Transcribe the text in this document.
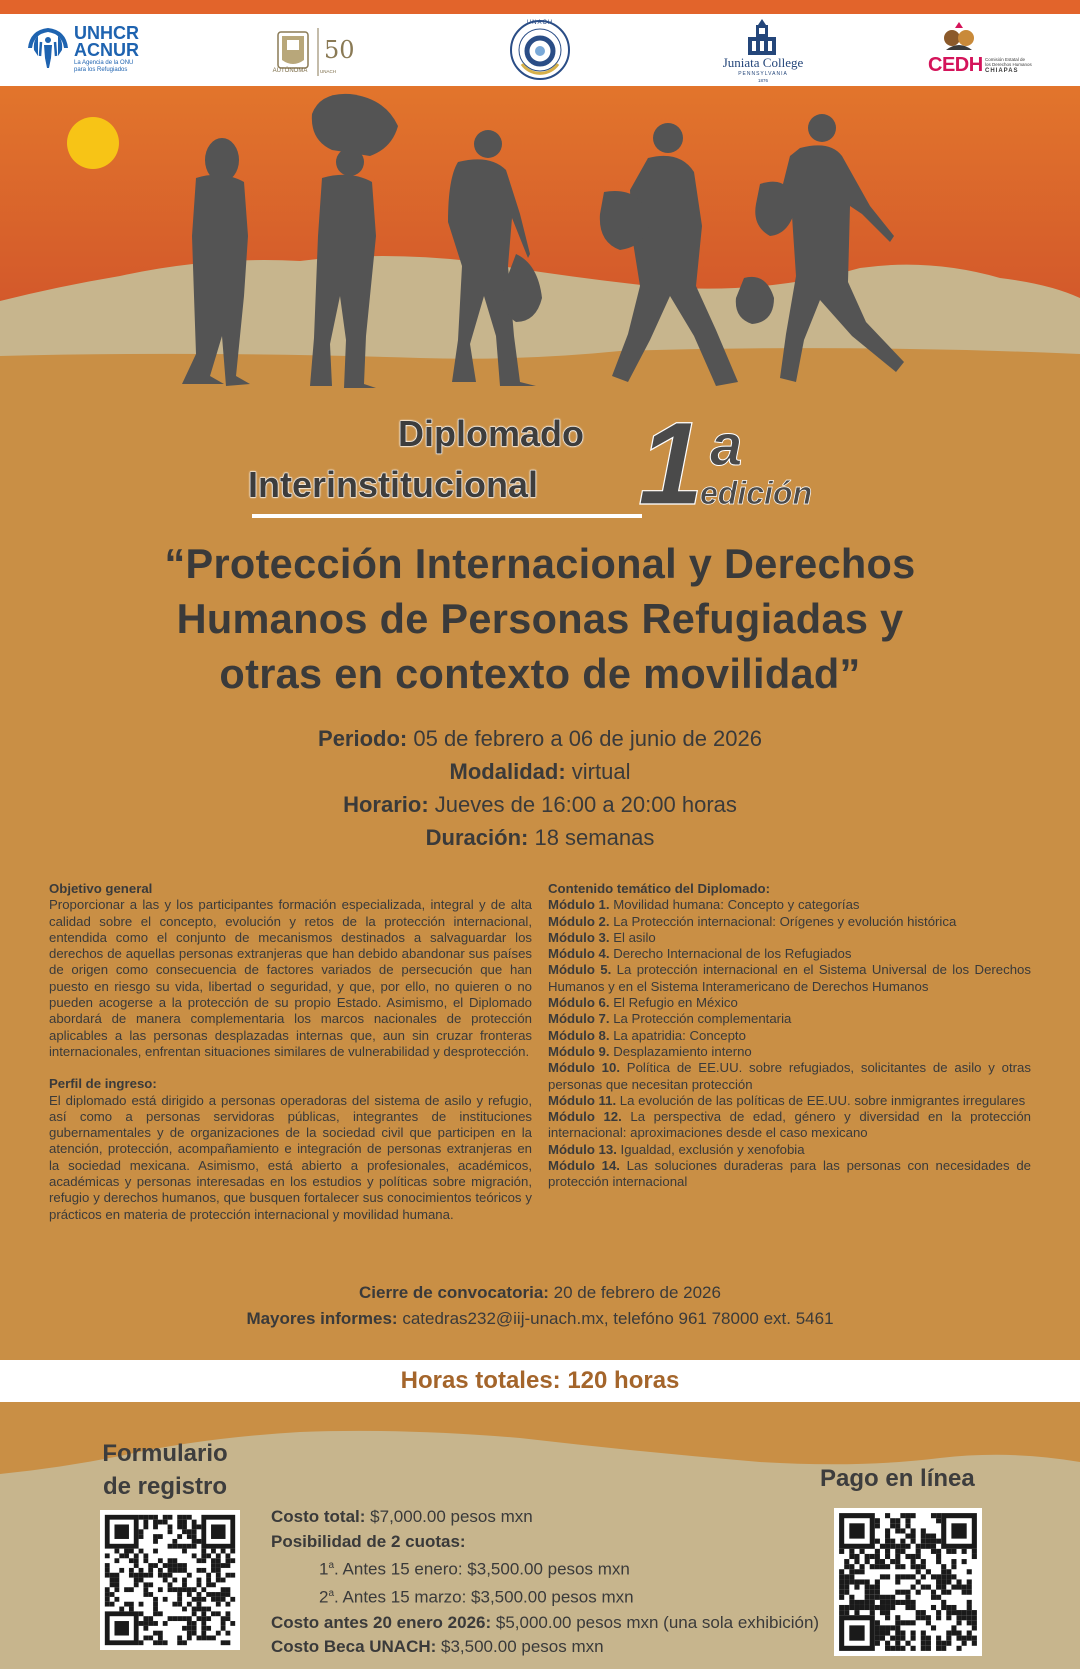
UNHCR
ACNUR
La Agencia de la ONU
para los Refugiados
50
AUTÓNOMA	UNACH
UNACH
Juniata College
PENNSYLVANIA
1876
CEDH Comisión Estatal de
los Derechos Humanos
CHIAPAS
Diplomado
Interinstitucional 1 a
edición
“Protección Internacional y Derechos
Humanos de Personas Refugiadas y
otras en contexto de movilidad”
Periodo: 05 de febrero a 06 de junio de 2026
Modalidad: virtual
Horario: Jueves de 16:00 a 20:00 horas
Duración: 18 semanas

Objetivo general

Proporcionar a las y los participantes formación especializada, integral y de alta calidad sobre el concepto, evolución y retos de la protección internacional, entendida como el conjunto de mecanismos destinados a salvaguardar los derechos de aquellas personas extranjeras que han debido abandonar sus países de origen como consecuencia de factores variados de persecución que han puesto en riesgo su vida, libertad o seguridad, y que, por ello, no quieren o no pueden acogerse a la protección de su propio Estado. Asimismo, el Diplomado abordará de manera complementaria los marcos nacionales de protección aplicables a las personas desplazadas internas que, aun sin cruzar fronteras internacionales, enfrentan situaciones similares de vulnerabilidad y desprotección.

Perfil de ingreso:

El diplomado está dirigido a personas operadoras del sistema de asilo y refugio, así como a personas servidoras públicas, integrantes de instituciones gubernamentales y de organizaciones de la sociedad civil que participen en la atención, protección, acompañamiento e integración de personas extranjeras en la sociedad mexicana. Asimismo, está abierto a profesionales, académicos, académicas y personas interesadas en los estudios y políticas sobre migración, refugio y derechos humanos, que busquen fortalecer sus conocimientos teóricos y prácticos en materia de protección internacional y movilidad humana.

Contenido temático del Diplomado:

Módulo 1. Movilidad humana: Concepto y categorías

Módulo 2. La Protección internacional: Orígenes y evolución histórica

Módulo 3. El asilo

Módulo 4. Derecho Internacional de los Refugiados

Módulo 5. La protección internacional en el Sistema Universal de los Derechos Humanos y en el Sistema Interamericano de Derechos Humanos

Módulo 6. El Refugio en México

Módulo 7. La Protección complementaria

Módulo 8. La apatridia: Concepto

Módulo 9. Desplazamiento interno

Módulo 10. Política de EE.UU. sobre refugiados, solicitantes de asilo y otras personas que necesitan protección

Módulo 11. La evolución de las políticas de EE.UU. sobre inmigrantes irregulares

Módulo 12. La perspectiva de edad, género y diversidad en la protección internacional: aproximaciones desde el caso mexicano

Módulo 13. Igualdad, exclusión y xenofobia

Módulo 14. Las soluciones duraderas para las personas con necesidades de protección internacional

Cierre de convocatoria: 20 de febrero de 2026
Mayores informes: catedras232@iij-unach.mx, telefóno 961 78000 ext. 5461
Horas totales: 120 horas
Formulario
de registro	Pago en línea
Costo total: $7,000.00 pesos mxn
Posibilidad de 2 cuotas:
1$^a$. Antes 15 enero: $3,500.00 pesos mxn
2$^a$. Antes 15 marzo: $3,500.00 pesos mxn
Costo antes 20 enero 2026: $5,000.00 pesos mxn (una sola exhibición)
Costo Beca UNACH: $3,500.00 pesos mxn
